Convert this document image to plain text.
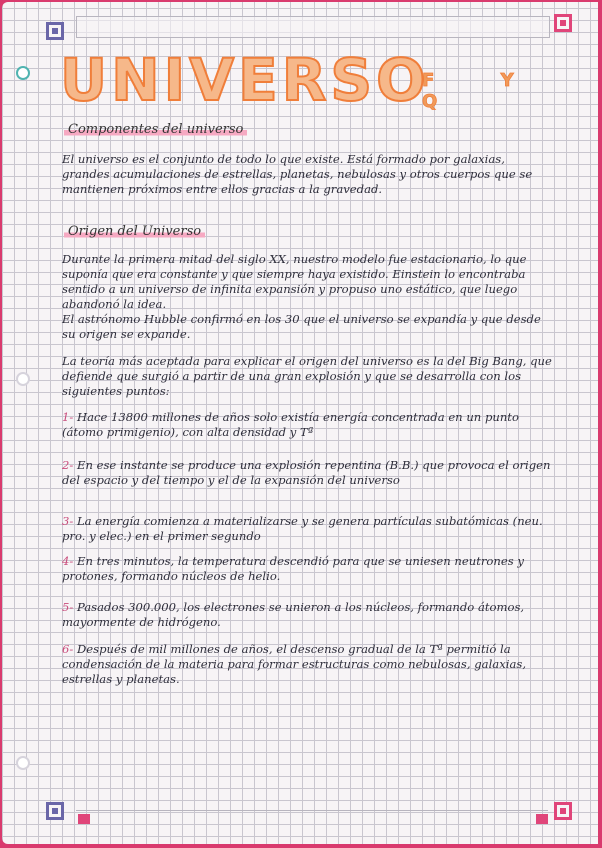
UNIVERSO
F Y Q
Componentes del universo

El universo es el conjunto de todo lo que existe. Está formado por galaxias, grandes acumulaciones de estrellas, planetas, nebulosas y otros cuerpos que se mantienen próximos entre ellos gracias a la gravedad.

Origen del Universo

Durante la primera mitad del siglo XX, nuestro modelo fue estacionario, lo que suponía que era constante y que siempre haya existido. Einstein lo encontraba sentido a un universo de infinita expansión y propuso uno estático, que luego abandonó la idea.

El astrónomo Hubble confirmó en los 30 que el universo se expandía y que desde su origen se expande.

La teoría más aceptada para explicar el origen del universo es la del Big Bang, que defiende que surgió a partir de una gran explosión y que se desarrolla con los siguientes puntos:

1- Hace 13800 millones de años solo existía energía concentrada en un punto (átomo primigenio), con alta densidad y Tª
2- En ese instante se produce una explosión repentina (B.B.) que provoca el origen del espacio y del tiempo y el de la expansión del universo
3- La energía comienza a materializarse y se genera partículas subatómicas (neu. pro. y elec.) en el primer segundo
4- En tres minutos, la temperatura descendió para que se uniesen neutrones y protones, formando núcleos de helio.
5- Pasados 300.000, los electrones se unieron a los núcleos, formando átomos, mayormente de hidrógeno.
6- Después de mil millones de años, el descenso gradual de la Tª permitió la condensación de la materia para formar estructuras como nebulosas, galaxias, estrellas y planetas.
